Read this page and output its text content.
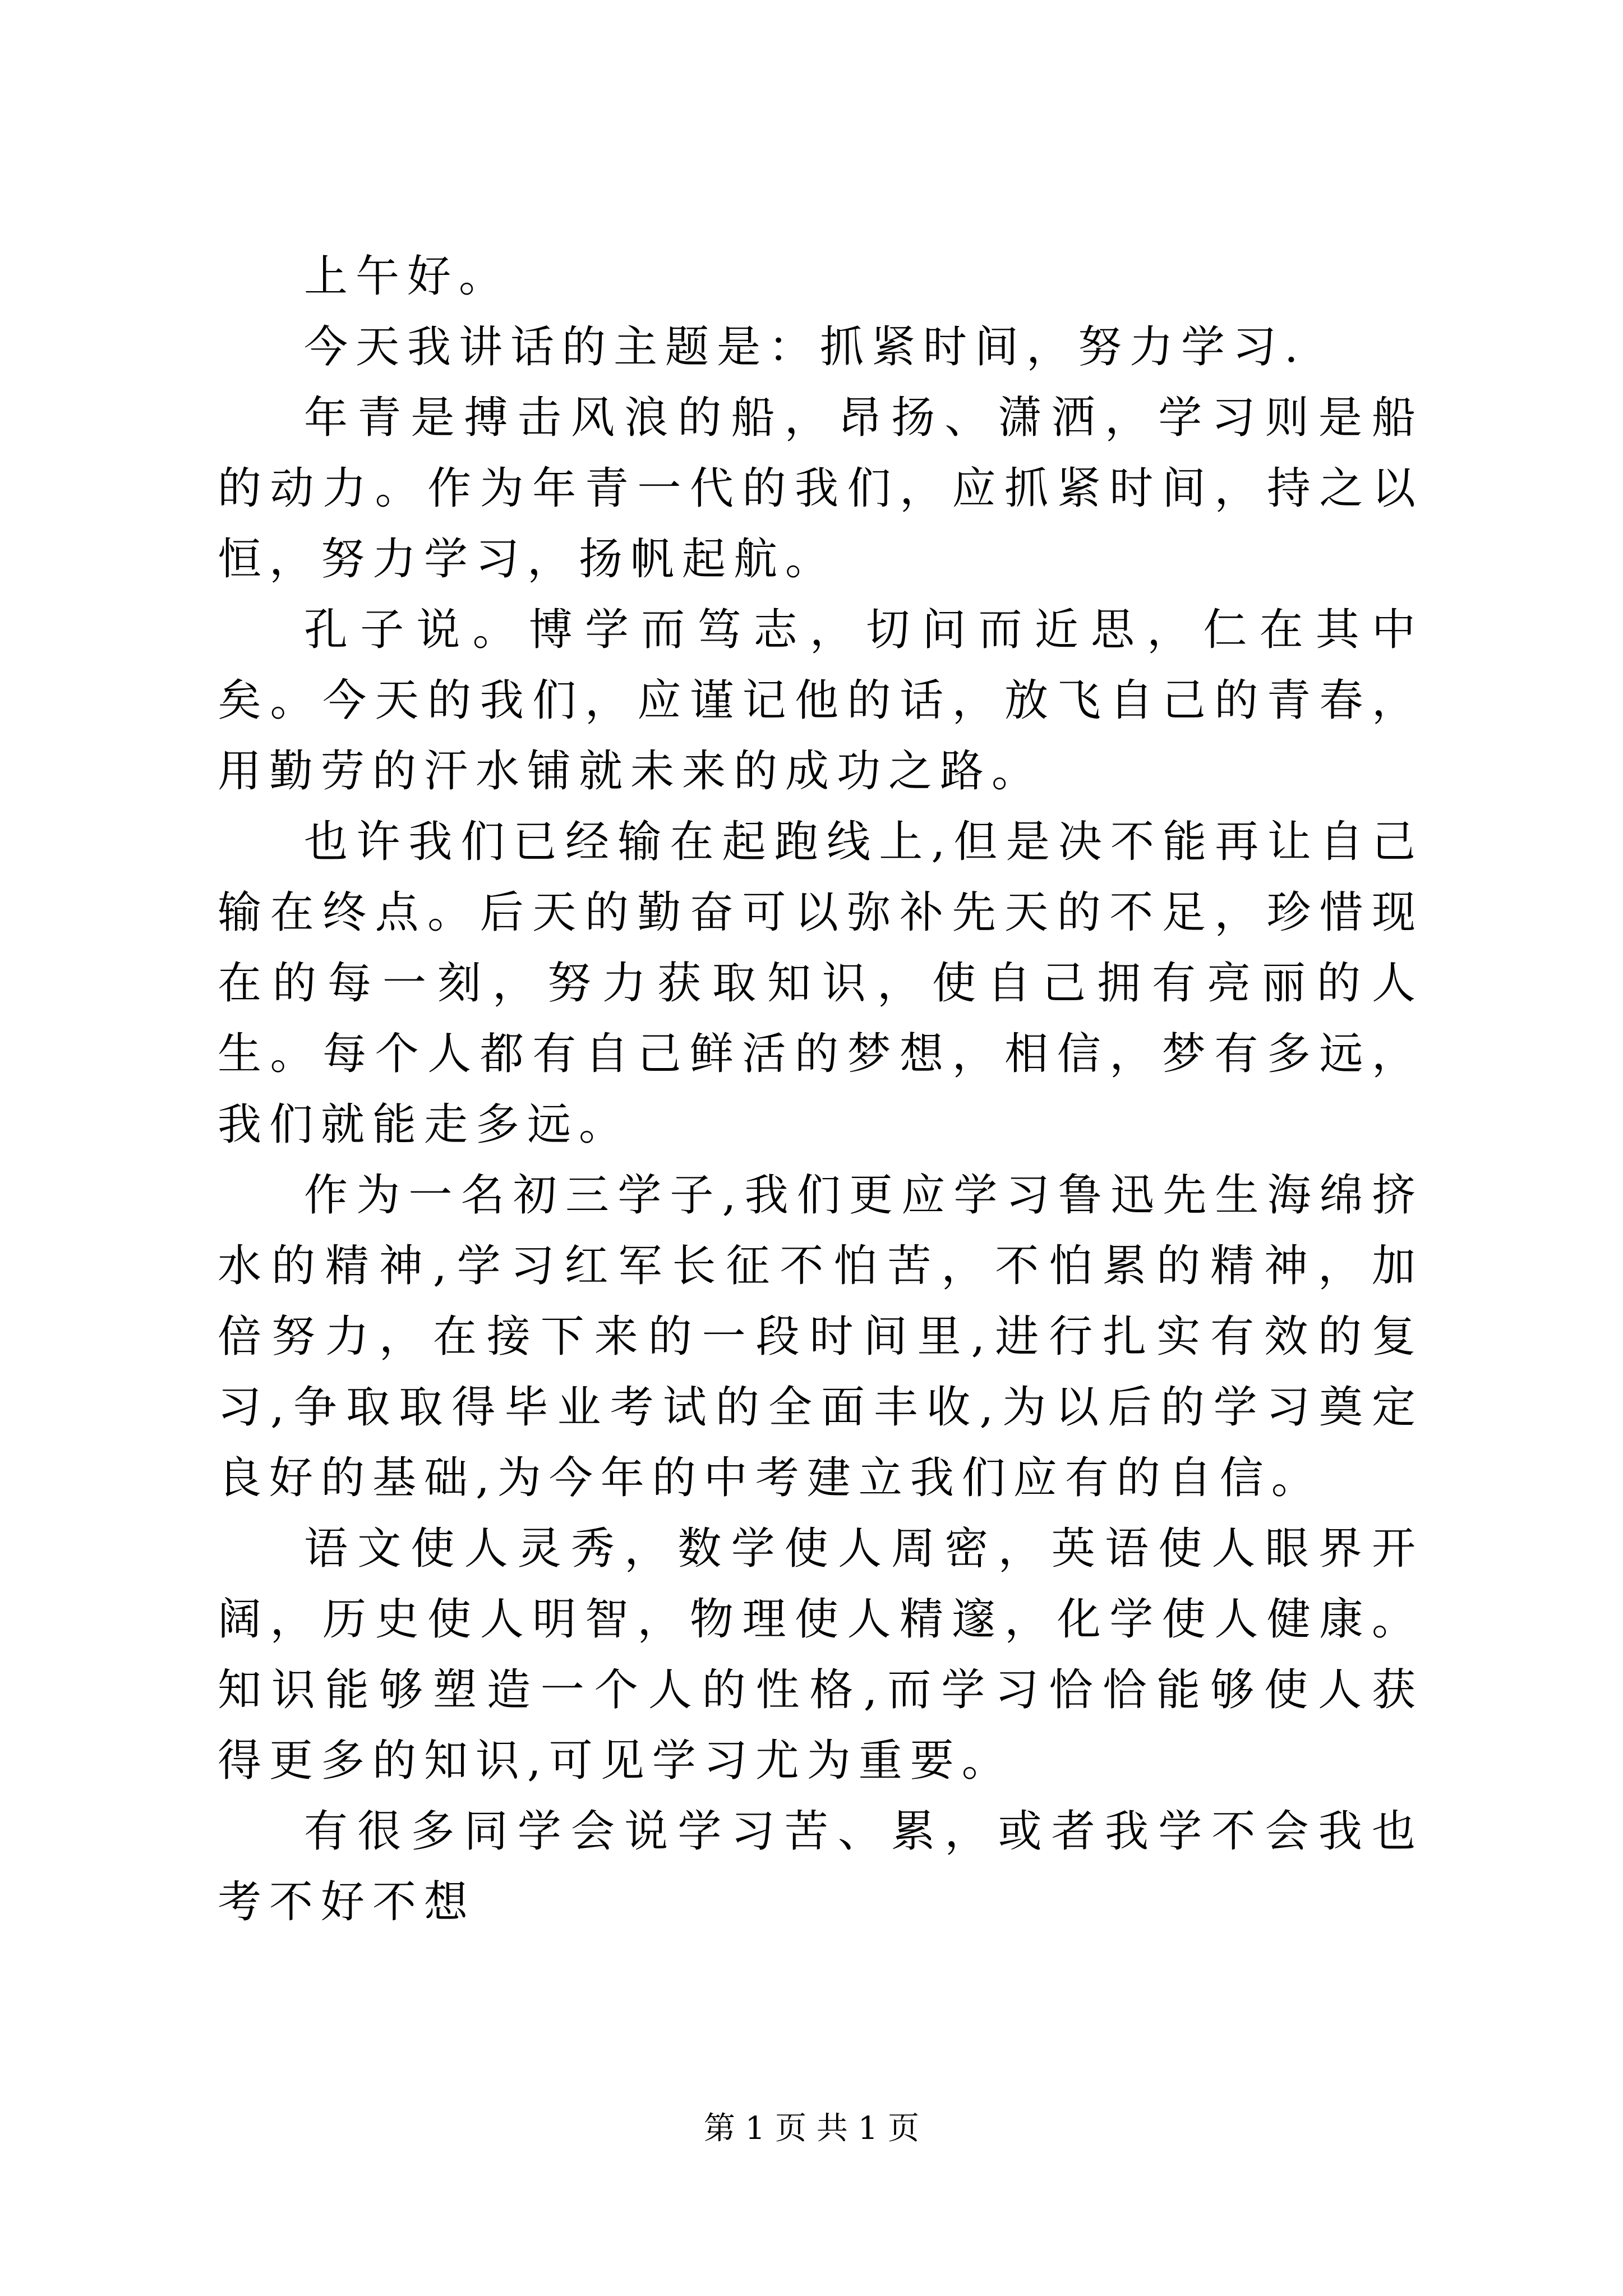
上午好。

今天我讲话的主题是：抓紧时间，努力学习.

年青是搏击风浪的船，昂扬、潇洒，学习则是船的动力。作为年青一代的我们，应抓紧时间，持之以恒，努力学习，扬帆起航。

孔子说。博学而笃志，切问而近思，仁在其中矣。今天的我们，应谨记他的话，放飞自己的青春，用勤劳的汗水铺就未来的成功之路。

也许我们已经输在起跑线上,但是决不能再让自己输在终点。后天的勤奋可以弥补先天的不足，珍惜现在的每一刻，努力获取知识，使自己拥有亮丽的人生。每个人都有自己鲜活的梦想，相信，梦有多远，我们就能走多远。

作为一名初三学子,我们更应学习鲁迅先生海绵挤水的精神,学习红军长征不怕苦，不怕累的精神，加倍努力，在接下来的一段时间里,进行扎实有效的复习,争取取得毕业考试的全面丰收,为以后的学习奠定良好的基础,为今年的中考建立我们应有的自信。

语文使人灵秀，数学使人周密，英语使人眼界开阔，历史使人明智，物理使人精邃，化学使人健康。知识能够塑造一个人的性格,而学习恰恰能够使人获得更多的知识,可见学习尤为重要。

有很多同学会说学习苦、累，或者我学不会我也考不好不想

第 1 页 共 1 页
